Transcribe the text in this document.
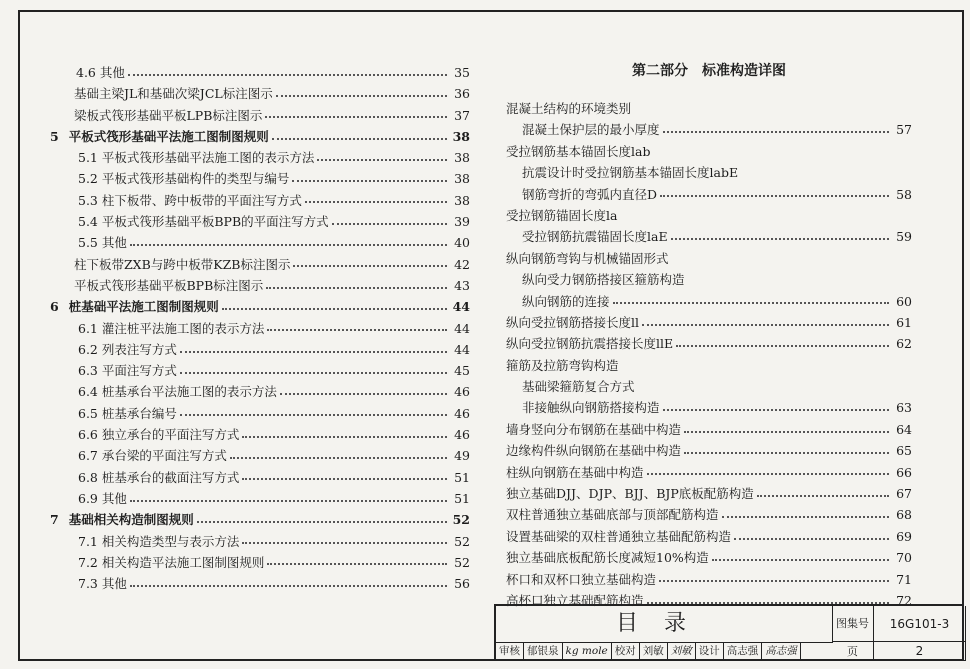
4.6 其他	35
基础主梁JL和基础次梁JCL标注图示	36
梁板式筏形基础平板LPB标注图示	37
5 平板式筏形基础平法施工图制图规则	38
5.1 平板式筏形基础平法施工图的表示方法	38
5.2 平板式筏形基础构件的类型与编号	38
5.3 柱下板带、跨中板带的平面注写方式	38
5.4 平板式筏形基础平板BPB的平面注写方式	39
5.5 其他	40
柱下板带ZXB与跨中板带KZB标注图示	42
平板式筏形基础平板BPB标注图示	43
6 桩基础平法施工图制图规则	44
6.1 灌注桩平法施工图的表示方法	44
6.2 列表注写方式	44
6.3 平面注写方式	45
6.4 桩基承台平法施工图的表示方法	46
6.5 桩基承台编号	46
6.6 独立承台的平面注写方式	46
6.7 承台梁的平面注写方式	49
6.8 桩基承台的截面注写方式	51
6.9 其他	51
7 基础相关构造制图规则	52
7.1 相关构造类型与表示方法	52
7.2 相关构造平法施工图制图规则	52
7.3 其他	56
第二部分　标准构造详图
混凝土结构的环境类别
混凝土保护层的最小厚度	57
受拉钢筋基本锚固长度lab
抗震设计时受拉钢筋基本锚固长度labE
钢筋弯折的弯弧内直径D	58
受拉钢筋锚固长度la
受拉钢筋抗震锚固长度laE	59
纵向钢筋弯钩与机械锚固形式
纵向受力钢筋搭接区箍筋构造
纵向钢筋的连接	60
纵向受拉钢筋搭接长度ll	61
纵向受拉钢筋抗震搭接长度llE	62
箍筋及拉筋弯钩构造
基础梁箍筋复合方式
非接触纵向钢筋搭接构造	63
墙身竖向分布钢筋在基础中构造	64
边缘构件纵向钢筋在基础中构造	65
柱纵向钢筋在基础中构造	66
独立基础DJJ、DJP、BJJ、BJP底板配筋构造	67
双柱普通独立基础底部与顶部配筋构造	68
设置基础梁的双柱普通独立基础配筋构造	69
独立基础底板配筋长度减短10%构造	70
杯口和双杯口独立基础构造	71
高杯口独立基础配筋构造	72
目录	图集号	16G101-3
页	2
审核 郁银泉 kg mole 校对 刘敏 刘敏 设计 高志强 高志强
